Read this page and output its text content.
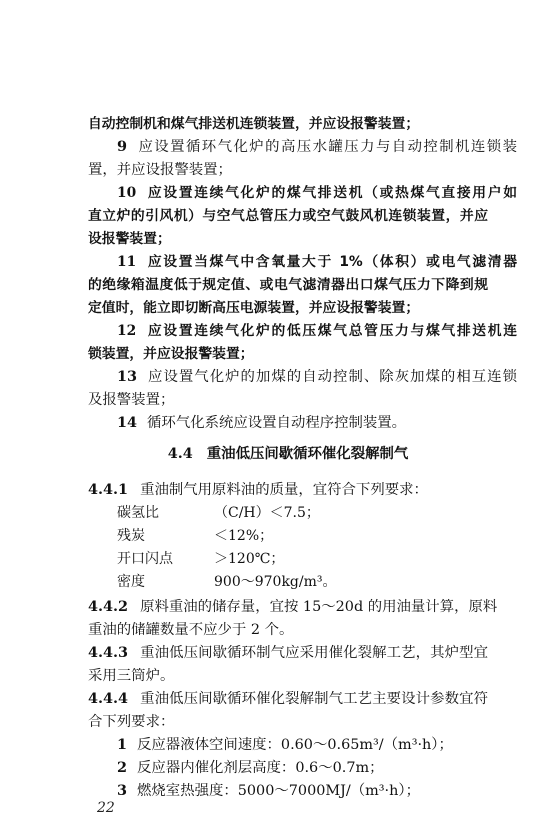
自动控制机和煤气排送机连锁装置，并应设报警装置；
9 应设置循环气化炉的高压水罐压力与自动控制机连锁装
置，并应设报警装置；
10 应设置连续气化炉的煤气排送机（或热煤气直接用户如
直立炉的引风机）与空气总管压力或空气鼓风机连锁装置，并应
设报警装置；
11 应设置当煤气中含氧量大于 1%（体积）或电气滤清器
的绝缘箱温度低于规定值、或电气滤清器出口煤气压力下降到规
定值时，能立即切断高压电源装置，并应设报警装置；
12 应设置连续气化炉的低压煤气总管压力与煤气排送机连
锁装置，并应设报警装置；
13 应设置气化炉的加煤的自动控制、除灰加煤的相互连锁
及报警装置；
14 循环气化系统应设置自动程序控制装置。
4.4 重油低压间歇循环催化裂解制气
4.4.1 重油制气用原料油的质量，宜符合下列要求：
碳氢比	（C/H）＜7.5；
残炭	＜12%；
开口闪点	＞120℃；
密度	900～970kg/m³。
4.4.2 原料重油的储存量，宜按 15～20d 的用油量计算，原料
重油的储罐数量不应少于 2 个。
4.4.3 重油低压间歇循环制气应采用催化裂解工艺，其炉型宜
采用三筒炉。
4.4.4 重油低压间歇循环催化裂解制气工艺主要设计参数宜符
合下列要求：
1 反应器液体空间速度：0.60～0.65m³/（m³·h）；
2 反应器内催化剂层高度：0.6～0.7m；
3 燃烧室热强度：5000～7000MJ/（m³·h）；
22
